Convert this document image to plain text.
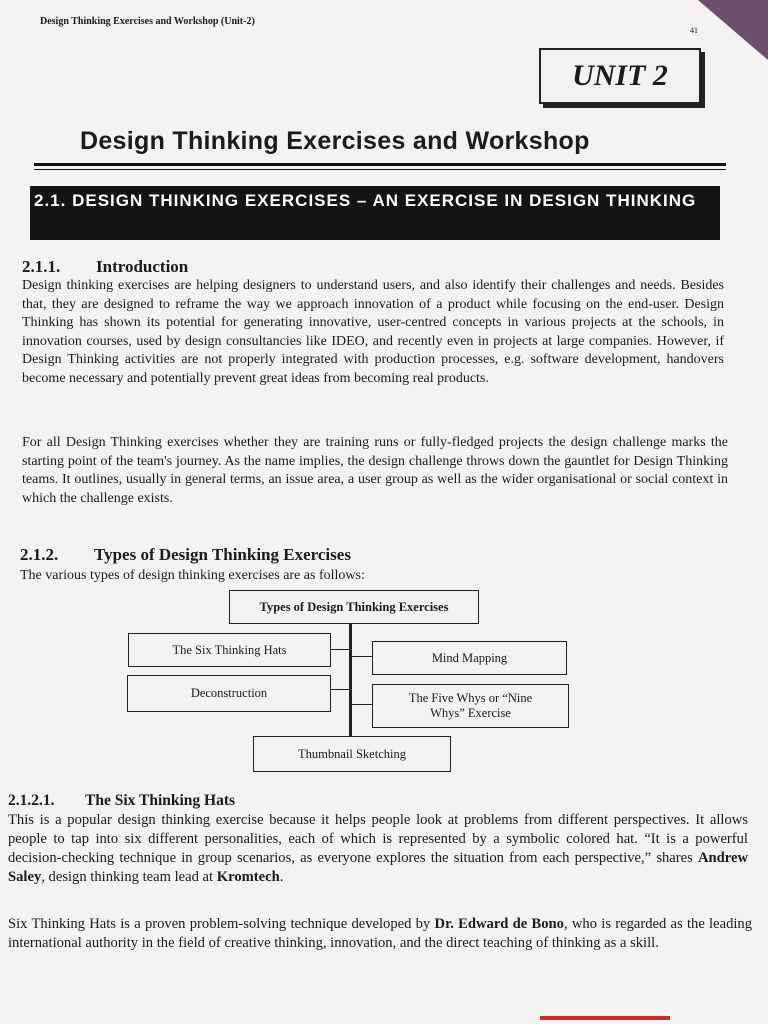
Design Thinking Exercises and Workshop (Unit-2)
41
UNIT 2
Design Thinking Exercises and Workshop
2.1. DESIGN THINKING EXERCISES – AN EXERCISE IN DESIGN THINKING
2.1.1. Introduction
Design thinking exercises are helping designers to understand users, and also identify their challenges and needs. Besides that, they are designed to reframe the way we approach innovation of a product while focusing on the end-user. Design Thinking has shown its potential for generating innovative, user-centred concepts in various projects at the schools, in innovation courses, used by design consultancies like IDEO, and recently even in projects at large companies. However, if Design Thinking activities are not properly integrated with production processes, e.g. software development, handovers become necessary and potentially prevent great ideas from becoming real products.
For all Design Thinking exercises whether they are training runs or fully-fledged projects the design challenge marks the starting point of the team's journey. As the name implies, the design challenge throws down the gauntlet for Design Thinking teams. It outlines, usually in general terms, an issue area, a user group as well as the wider organisational or social context in which the challenge exists.
2.1.2. Types of Design Thinking Exercises
The various types of design thinking exercises are as follows:
Types of Design Thinking Exercises
The Six Thinking Hats
Deconstruction
Mind Mapping
The Five Whys or “Nine Whys” Exercise
Thumbnail Sketching
2.1.2.1. The Six Thinking Hats
This is a popular design thinking exercise because it helps people look at problems from different perspectives. It allows people to tap into six different personalities, each of which is represented by a symbolic colored hat. “It is a powerful decision-checking technique in group scenarios, as everyone explores the situation from each perspective,” shares Andrew Saley, design thinking team lead at Kromtech.
Six Thinking Hats is a proven problem-solving technique developed by Dr. Edward de Bono, who is regarded as the leading international authority in the field of creative thinking, innovation, and the direct teaching of thinking as a skill.
